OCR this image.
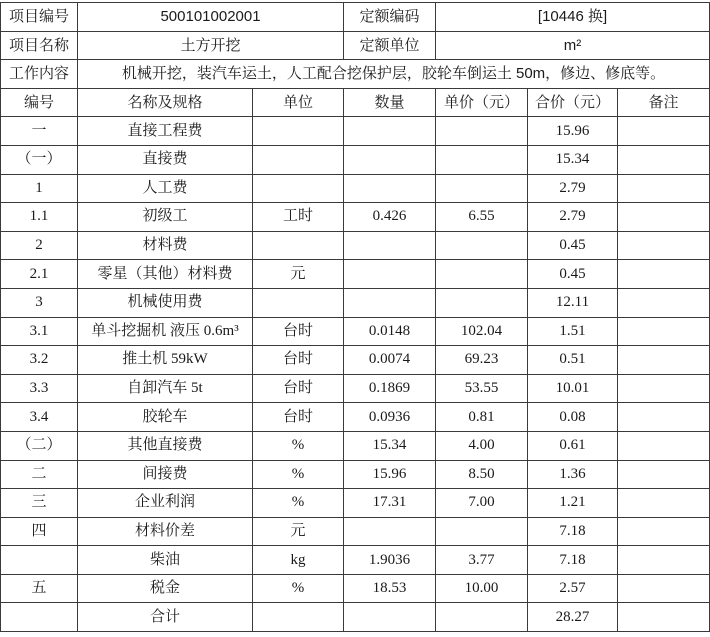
项目编号	500101002001		定额编码	[10446 换]		
项目名称	土方开挖		定额单位	m²		
工作内容	机械开挖，装汽车运土，人工配合挖保护层，胶轮车倒运土 50m，修边、修底等。					
编号	名称及规格	单位	数量	单价（元）	合价（元）	备注
一	直接工程费				15.96	
（一）	直接费				15.34	
1	人工费				2.79	
1.1	初级工	工时	0.426	6.55	2.79	
2	材料费				0.45	
2.1	零星（其他）材料费	元			0.45	
3	机械使用费				12.11	
3.1	单斗挖掘机 液压 0.6m³	台时	0.0148	102.04	1.51	
3.2	推土机 59kW	台时	0.0074	69.23	0.51	
3.3	自卸汽车 5t	台时	0.1869	53.55	10.01	
3.4	胶轮车	台时	0.0936	0.81	0.08	
（二）	其他直接费	%	15.34	4.00	0.61	
二	间接费	%	15.96	8.50	1.36	
三	企业利润	%	17.31	7.00	1.21	
四	材料价差	元			7.18	
	柴油	kg	1.9036	3.77	7.18	
五	税金	%	18.53	10.00	2.57	
	合计				28.27	
